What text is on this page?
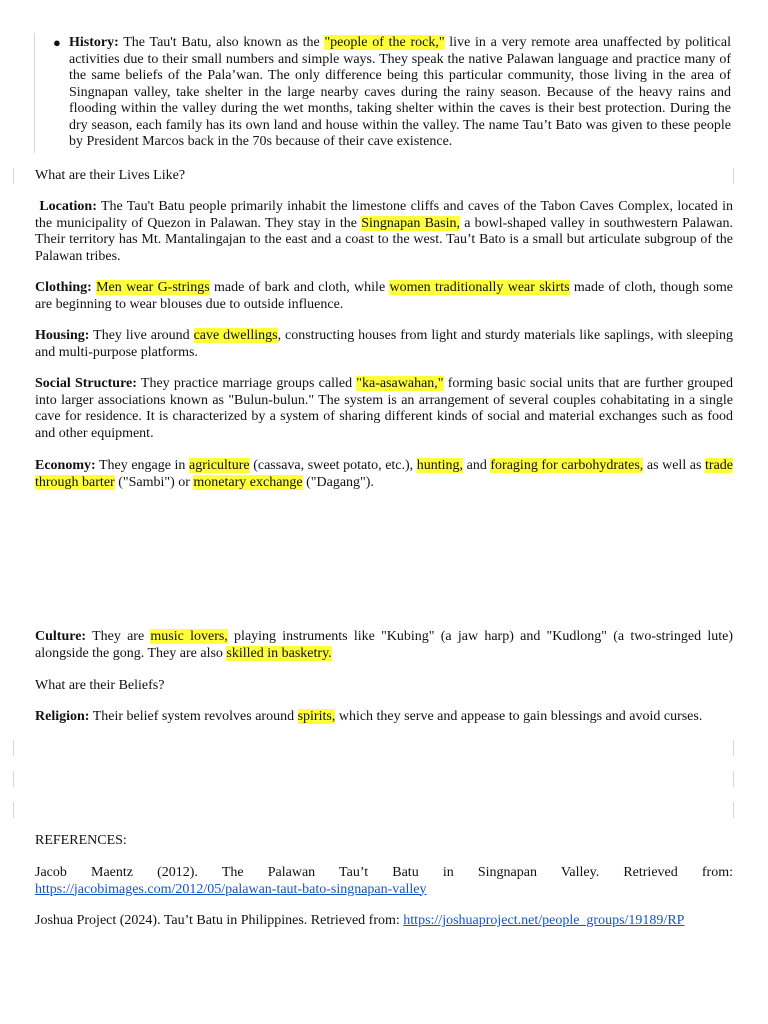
● History: The Tau't Batu, also known as the "people of the rock," live in a very remote area unaffected by political activities due to their small numbers and simple ways. They speak the native Palawan language and practice many of the same beliefs of the Pala’wan. The only difference being this particular community, those living in the area of Singnapan valley, take shelter in the large nearby caves during the rainy season. Because of the heavy rains and flooding within the valley during the wet months, taking shelter within the caves is their best protection. During the dry season, each family has its own land and house within the valley. The name Tau’t Bato was given to these people by President Marcos back in the 70s because of their cave existence.

What are their Lives Like?

Location: The Tau't Batu people primarily inhabit the limestone cliffs and caves of the Tabon Caves Complex, located in the municipality of Quezon in Palawan. They stay in the Singnapan Basin, a bowl-shaped valley in southwestern Palawan. Their territory has Mt. Mantalingajan to the east and a coast to the west. Tau’t Bato is a small but articulate subgroup of the Palawan tribes.

Clothing: Men wear G-strings made of bark and cloth, while women traditionally wear skirts made of cloth, though some are beginning to wear blouses due to outside influence.

Housing: They live around cave dwellings, constructing houses from light and sturdy materials like saplings, with sleeping and multi-purpose platforms.

Social Structure: They practice marriage groups called "ka-asawahan," forming basic social units that are further grouped into larger associations known as "Bulun-bulun." The system is an arrangement of several couples cohabitating in a single cave for residence. It is characterized by a system of sharing different kinds of social and material exchanges such as food and other equipment.

Economy: They engage in agriculture (cassava, sweet potato, etc.), hunting, and foraging for carbohydrates, as well as trade through barter ("Sambi") or monetary exchange ("Dagang").

Culture: They are music lovers, playing instruments like "Kubing" (a jaw harp) and "Kudlong" (a two-stringed lute) alongside the gong. They are also skilled in basketry.

What are their Beliefs?

Religion: Their belief system revolves around spirits, which they serve and appease to gain blessings and avoid curses.

REFERENCES:

Jacob Maentz (2012). The Palawan Tau’t Batu in Singnapan Valley. Retrieved from: https://jacobimages.com/2012/05/palawan-taut-bato-singnapan-valley

Joshua Project (2024). Tau’t Batu in Philippines. Retrieved from: https://joshuaproject.net/people_groups/19189/RP
